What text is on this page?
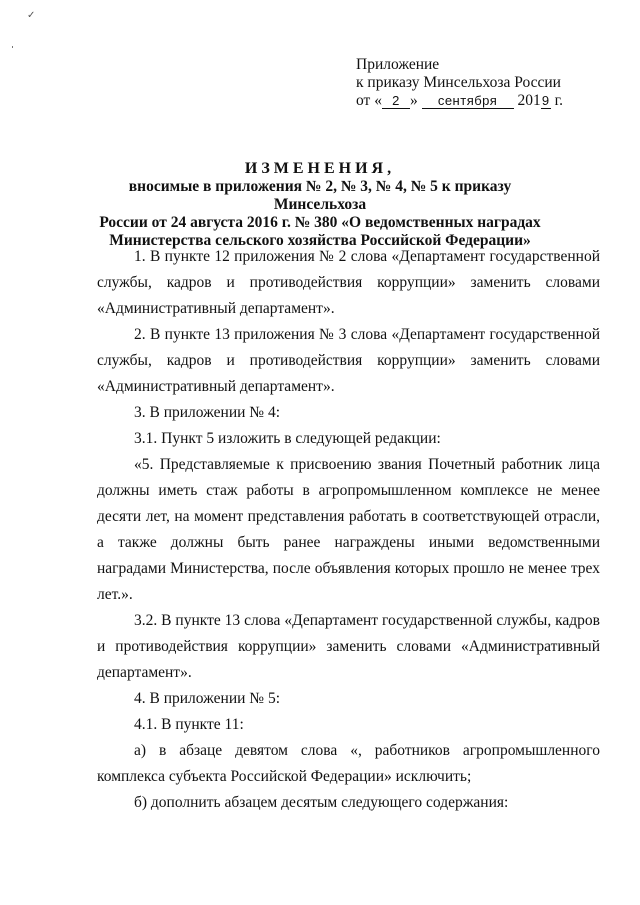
✓
Приложение
к приказу Минсельхоза России
от « 2 » сентября 2019 г.
ИЗМЕНЕНИЯ,
вносимые в приложения № 2, № 3, № 4, № 5 к приказу Минсельхоза
России от 24 августа 2016 г. № 380 «О ведомственных наградах
Министерства сельского хозяйства Российской Федерации»

1. В пункте 12 приложения № 2 слова «Департамент государственной службы, кадров и противодействия коррупции» заменить словами «Административный департамент».

2. В пункте 13 приложения № 3 слова «Департамент государственной службы, кадров и противодействия коррупции» заменить словами «Административный департамент».

3. В приложении № 4:

3.1. Пункт 5 изложить в следующей редакции:

«5. Представляемые к присвоению звания Почетный работник лица должны иметь стаж работы в агропромышленном комплексе не менее десяти лет, на момент представления работать в соответствующей отрасли, а также должны быть ранее награждены иными ведомственными наградами Министерства, после объявления которых прошло не менее трех лет.».

3.2. В пункте 13 слова «Департамент государственной службы, кадров и противодействия коррупции» заменить словами «Административный департамент».

4. В приложении № 5:

4.1. В пункте 11:

а) в абзаце девятом слова «, работников агропромышленного комплекса субъекта Российской Федерации» исключить;

б) дополнить абзацем десятым следующего содержания:
